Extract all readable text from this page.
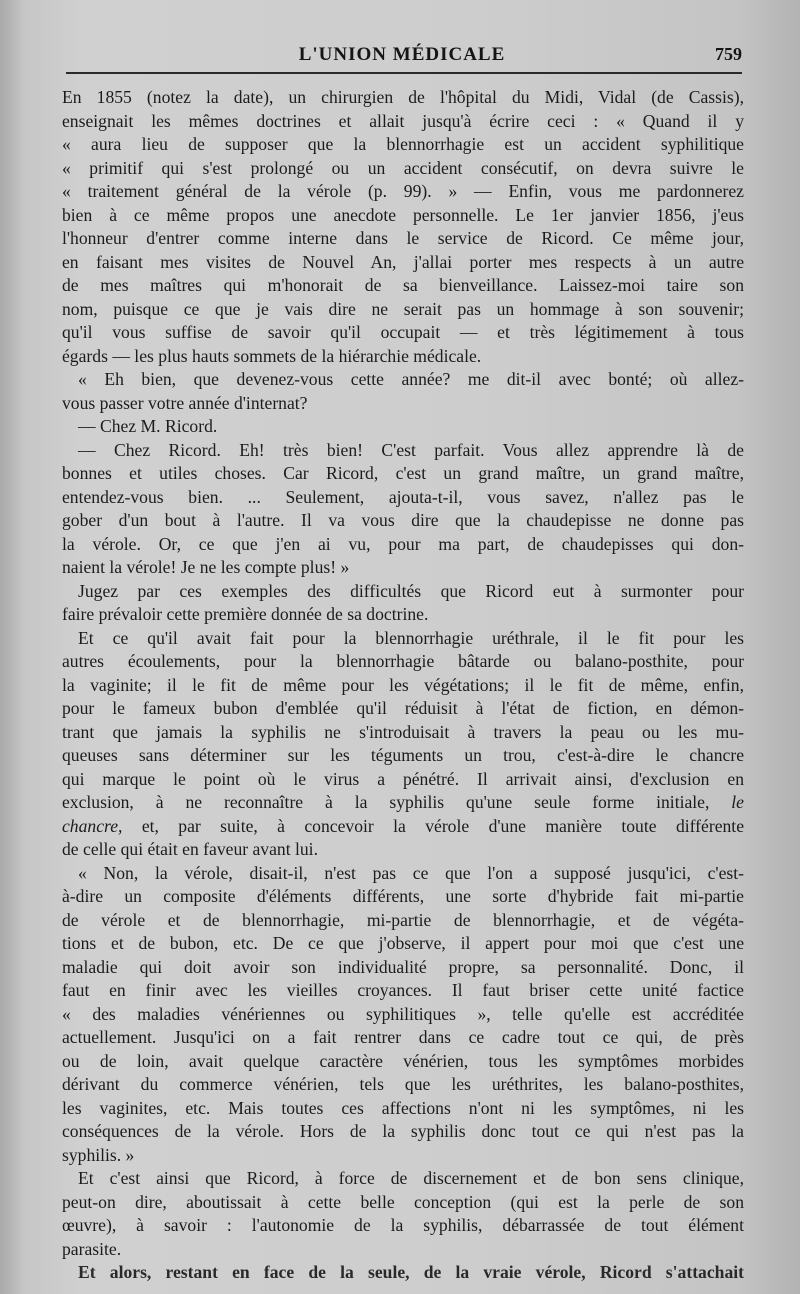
L'UNION MÉDICALE	759
En 1855 (notez la date), un chirurgien de l'hôpital du Midi, Vidal (de Cassis),
enseignait les mêmes doctrines et allait jusqu'à écrire ceci : « Quand il y
« aura lieu de supposer que la blennorrhagie est un accident syphilitique
« primitif qui s'est prolongé ou un accident consécutif, on devra suivre le
« traitement général de la vérole (p. 99). » — Enfin, vous me pardonnerez
bien à ce même propos une anecdote personnelle. Le 1er janvier 1856, j'eus
l'honneur d'entrer comme interne dans le service de Ricord. Ce même jour,
en faisant mes visites de Nouvel An, j'allai porter mes respects à un autre
de mes maîtres qui m'honorait de sa bienveillance. Laissez-moi taire son
nom, puisque ce que je vais dire ne serait pas un hommage à son souvenir;
qu'il vous suffise de savoir qu'il occupait — et très légitimement à tous
égards — les plus hauts sommets de la hiérarchie médicale.
« Eh bien, que devenez-vous cette année? me dit-il avec bonté; où allez-
vous passer votre année d'internat?
— Chez M. Ricord.
— Chez Ricord. Eh! très bien! C'est parfait. Vous allez apprendre là de
bonnes et utiles choses. Car Ricord, c'est un grand maître, un grand maître,
entendez-vous bien. ... Seulement, ajouta-t-il, vous savez, n'allez pas le
gober d'un bout à l'autre. Il va vous dire que la chaudepisse ne donne pas
la vérole. Or, ce que j'en ai vu, pour ma part, de chaudepisses qui don-
naient la vérole! Je ne les compte plus! »
Jugez par ces exemples des difficultés que Ricord eut à surmonter pour
faire prévaloir cette première donnée de sa doctrine.
Et ce qu'il avait fait pour la blennorrhagie uréthrale, il le fit pour les
autres écoulements, pour la blennorrhagie bâtarde ou balano-posthite, pour
la vaginite; il le fit de même pour les végétations; il le fit de même, enfin,
pour le fameux bubon d'emblée qu'il réduisit à l'état de fiction, en démon-
trant que jamais la syphilis ne s'introduisait à travers la peau ou les mu-
queuses sans déterminer sur les téguments un trou, c'est-à-dire le chancre
qui marque le point où le virus a pénétré. Il arrivait ainsi, d'exclusion en
exclusion, à ne reconnaître à la syphilis qu'une seule forme initiale, le
chancre, et, par suite, à concevoir la vérole d'une manière toute différente
de celle qui était en faveur avant lui.
« Non, la vérole, disait-il, n'est pas ce que l'on a supposé jusqu'ici, c'est-
à-dire un composite d'éléments différents, une sorte d'hybride fait mi-partie
de vérole et de blennorrhagie, mi-partie de blennorrhagie, et de végéta-
tions et de bubon, etc. De ce que j'observe, il appert pour moi que c'est une
maladie qui doit avoir son individualité propre, sa personnalité. Donc, il
faut en finir avec les vieilles croyances. Il faut briser cette unité factice
« des maladies vénériennes ou syphilitiques », telle qu'elle est accréditée
actuellement. Jusqu'ici on a fait rentrer dans ce cadre tout ce qui, de près
ou de loin, avait quelque caractère vénérien, tous les symptômes morbides
dérivant du commerce vénérien, tels que les uréthrites, les balano-posthites,
les vaginites, etc. Mais toutes ces affections n'ont ni les symptômes, ni les
conséquences de la vérole. Hors de la syphilis donc tout ce qui n'est pas la
syphilis. »
Et c'est ainsi que Ricord, à force de discernement et de bon sens clinique,
peut-on dire, aboutissait à cette belle conception (qui est la perle de son
œuvre), à savoir : l'autonomie de la syphilis, débarrassée de tout élément
parasite.
Et alors, restant en face de la seule, de la vraie vérole, Ricord s'attachait
